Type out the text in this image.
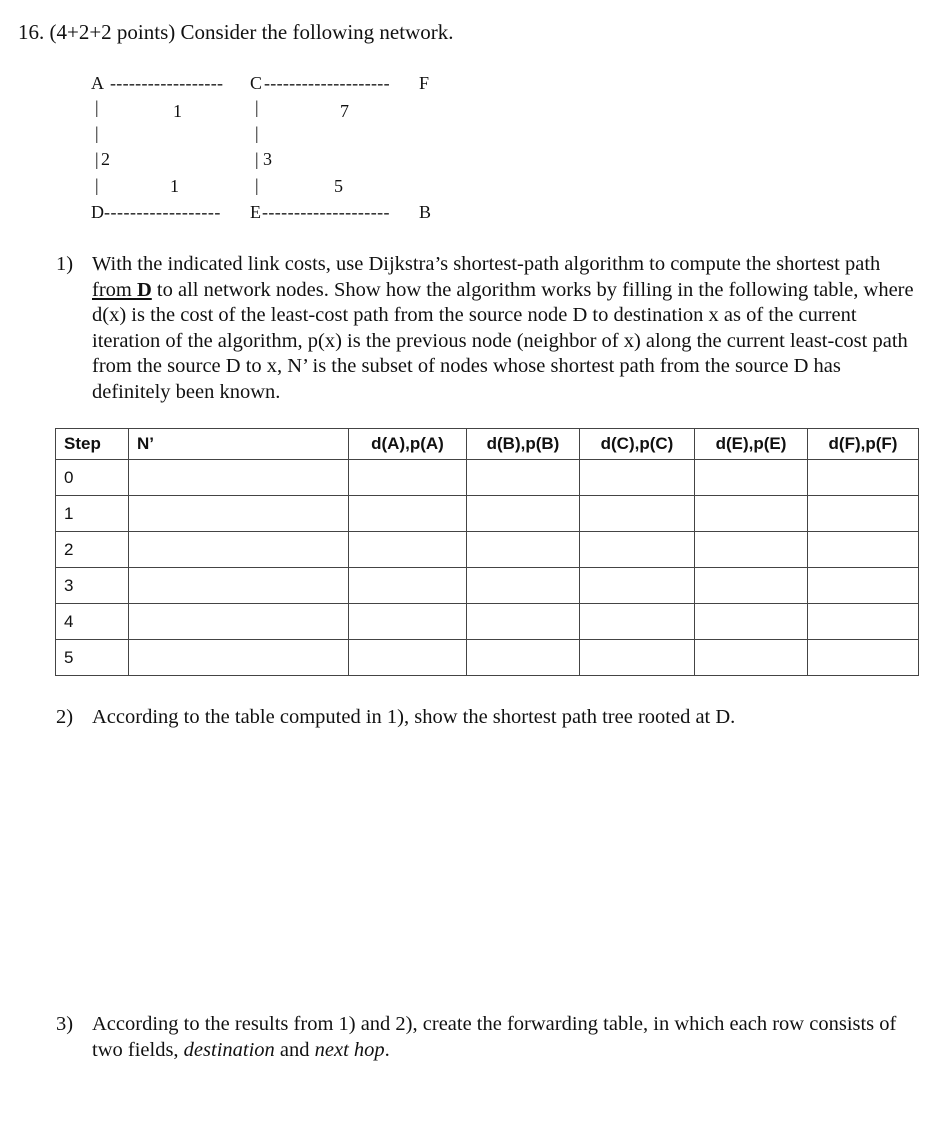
16. (4+2+2 points) Consider the following network.
A ------------------ C -------------------- F
1	7
|
|
| 2
|
|
|
| 3
|
1	5
D ------------------ E -------------------- B
1) With the indicated link costs, use Dijkstra’s shortest-path algorithm to compute the shortest path from D to all network nodes. Show how the algorithm works by filling in the following table, where d(x) is the cost of the least-cost path from the source node D to destination x as of the current iteration of the algorithm, p(x) is the previous node (neighbor of x) along the current least-cost path from the source D to x, N’ is the subset of nodes whose shortest path from the source D has definitely been known.
Step	N’	d(A),p(A)	d(B),p(B)	d(C),p(C)	d(E),p(E)	d(F),p(F)
0						
1						
2						
3						
4						
5						
2) According to the table computed in 1), show the shortest path tree rooted at D.
3) According to the results from 1) and 2), create the forwarding table, in which each row consists of two fields, destination and next hop.
